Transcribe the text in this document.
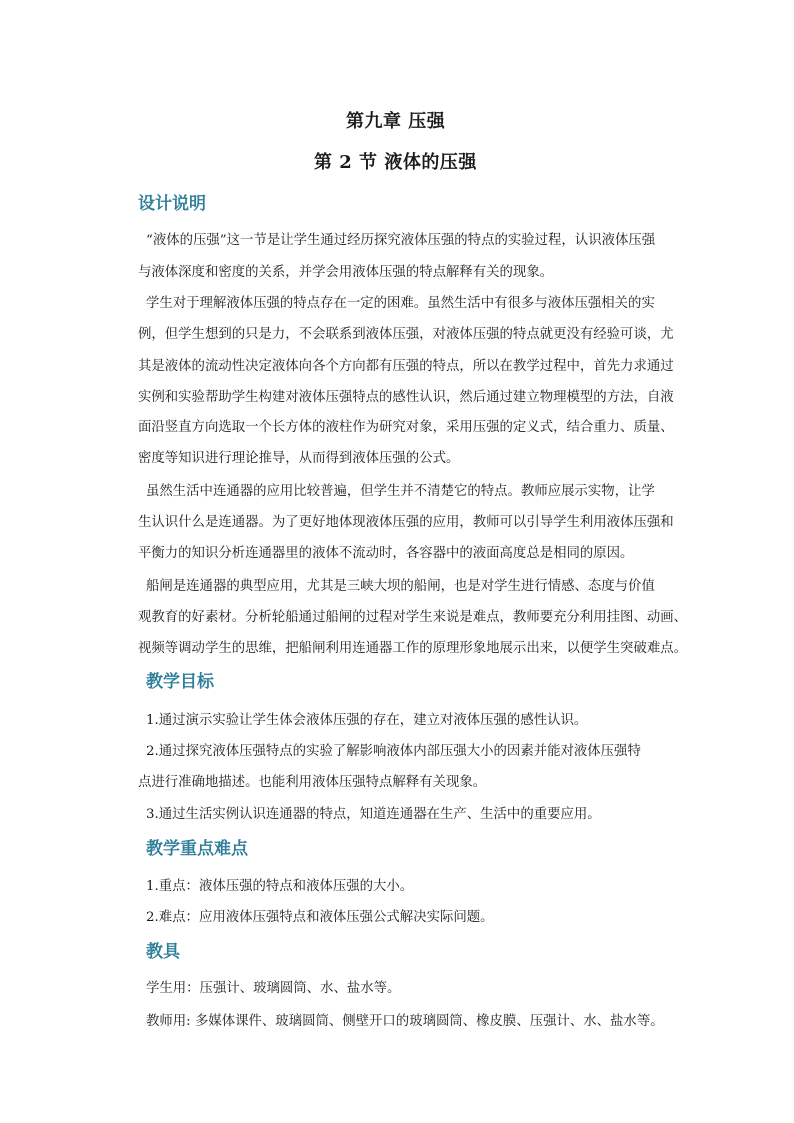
第九章 压强
第 2 节 液体的压强
设计说明
“液体的压强”这一节是让学生通过经历探究液体压强的特点的实验过程，认识液体压强
与液体深度和密度的关系，并学会用液体压强的特点解释有关的现象。
学生对于理解液体压强的特点存在一定的困难。虽然生活中有很多与液体压强相关的实
例，但学生想到的只是力，不会联系到液体压强，对液体压强的特点就更没有经验可谈，尤
其是液体的流动性决定液体向各个方向都有压强的特点，所以在教学过程中，首先力求通过
实例和实验帮助学生构建对液体压强特点的感性认识，然后通过建立物理模型的方法，自液
面沿竖直方向选取一个长方体的液柱作为研究对象，采用压强的定义式，结合重力、质量、
密度等知识进行理论推导，从而得到液体压强的公式。
虽然生活中连通器的应用比较普遍，但学生并不清楚它的特点。教师应展示实物，让学
生认识什么是连通器。为了更好地体现液体压强的应用，教师可以引导学生利用液体压强和
平衡力的知识分析连通器里的液体不流动时，各容器中的液面高度总是相同的原因。
船闸是连通器的典型应用，尤其是三峡大坝的船闸，也是对学生进行情感、态度与价值
观教育的好素材。分析轮船通过船闸的过程对学生来说是难点，教师要充分利用挂图、动画、
视频等调动学生的思维，把船闸利用连通器工作的原理形象地展示出来，以便学生突破难点。
教学目标
1.通过演示实验让学生体会液体压强的存在，建立对液体压强的感性认识。
2.通过探究液体压强特点的实验了解影响液体内部压强大小的因素并能对液体压强特
点进行准确地描述。也能利用液体压强特点解释有关现象。
3.通过生活实例认识连通器的特点，知道连通器在生产、生活中的重要应用。
教学重点难点
1.重点：液体压强的特点和液体压强的大小。
2.难点：应用液体压强特点和液体压强公式解决实际问题。
教具
学生用：压强计、玻璃圆筒、水、盐水等。
教师用: 多媒体课件、玻璃圆筒、侧壁开口的玻璃圆筒、橡皮膜、压强计、水、盐水等。
